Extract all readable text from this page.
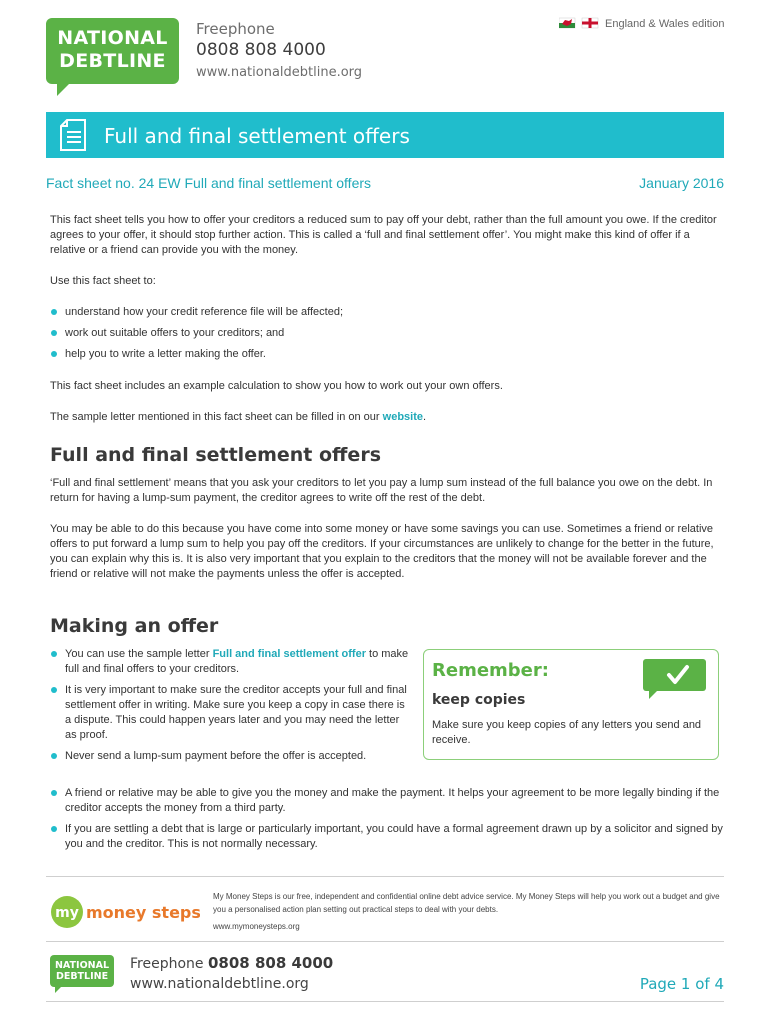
NATIONAL
DEBTLINE
Freephone
0808 808 4000
www.nationaldebtline.org
England & Wales edition
Full and final settlement offers
Fact sheet no. 24 EW Full and final settlement offers	January 2016
This fact sheet tells you how to offer your creditors a reduced sum to pay off your debt, rather than the full amount you owe. If the creditor agrees to your offer, it should stop further action. This is called a ‘full and final settlement offer’. You might make this kind of offer if a relative or a friend can provide you with the money.
Use this fact sheet to:
understand how your credit reference file will be affected;
work out suitable offers to your creditors; and
help you to write a letter making the offer.
This fact sheet includes an example calculation to show you how to work out your own offers.
The sample letter mentioned in this fact sheet can be filled in on our website.
Full and final settlement offers
‘Full and final settlement’ means that you ask your creditors to let you pay a lump sum instead of the full balance you owe on the debt. In return for having a lump-sum payment, the creditor agrees to write off the rest of the debt.
You may be able to do this because you have come into some money or have some savings you can use. Sometimes a friend or relative offers to put forward a lump sum to help you pay off the creditors. If your circumstances are unlikely to change for the better in the future, you can explain why this is. It is also very important that you explain to the creditors that the money will not be available forever and the friend or relative will not make the payments unless the offer is accepted.
Making an offer
You can use the sample letter Full and final settlement offer to make full and final offers to your creditors.
It is very important to make sure the creditor accepts your full and final settlement offer in writing. Make sure you keep a copy in case there is a dispute. This could happen years later and you may need the letter as proof.
Never send a lump-sum payment before the offer is accepted.
A friend or relative may be able to give you the money and make the payment. It helps your agreement to be more legally binding if the creditor accepts the money from a third party.
If you are settling a debt that is large or particularly important, you could have a formal agreement drawn up by a solicitor and signed by you and the creditor. This is not normally necessary.
Remember:
keep copies
Make sure you keep copies of any letters you send and receive.
my money steps
My Money Steps is our free, independent and confidential online debt advice service. My Money Steps will help you work out a budget and give you a personalised action plan setting out practical steps to deal with your debts.
www.mymoneysteps.org
NATIONAL
DEBTLINE
Freephone 0808 808 4000
www.nationaldebtline.org	Page 1 of 4
